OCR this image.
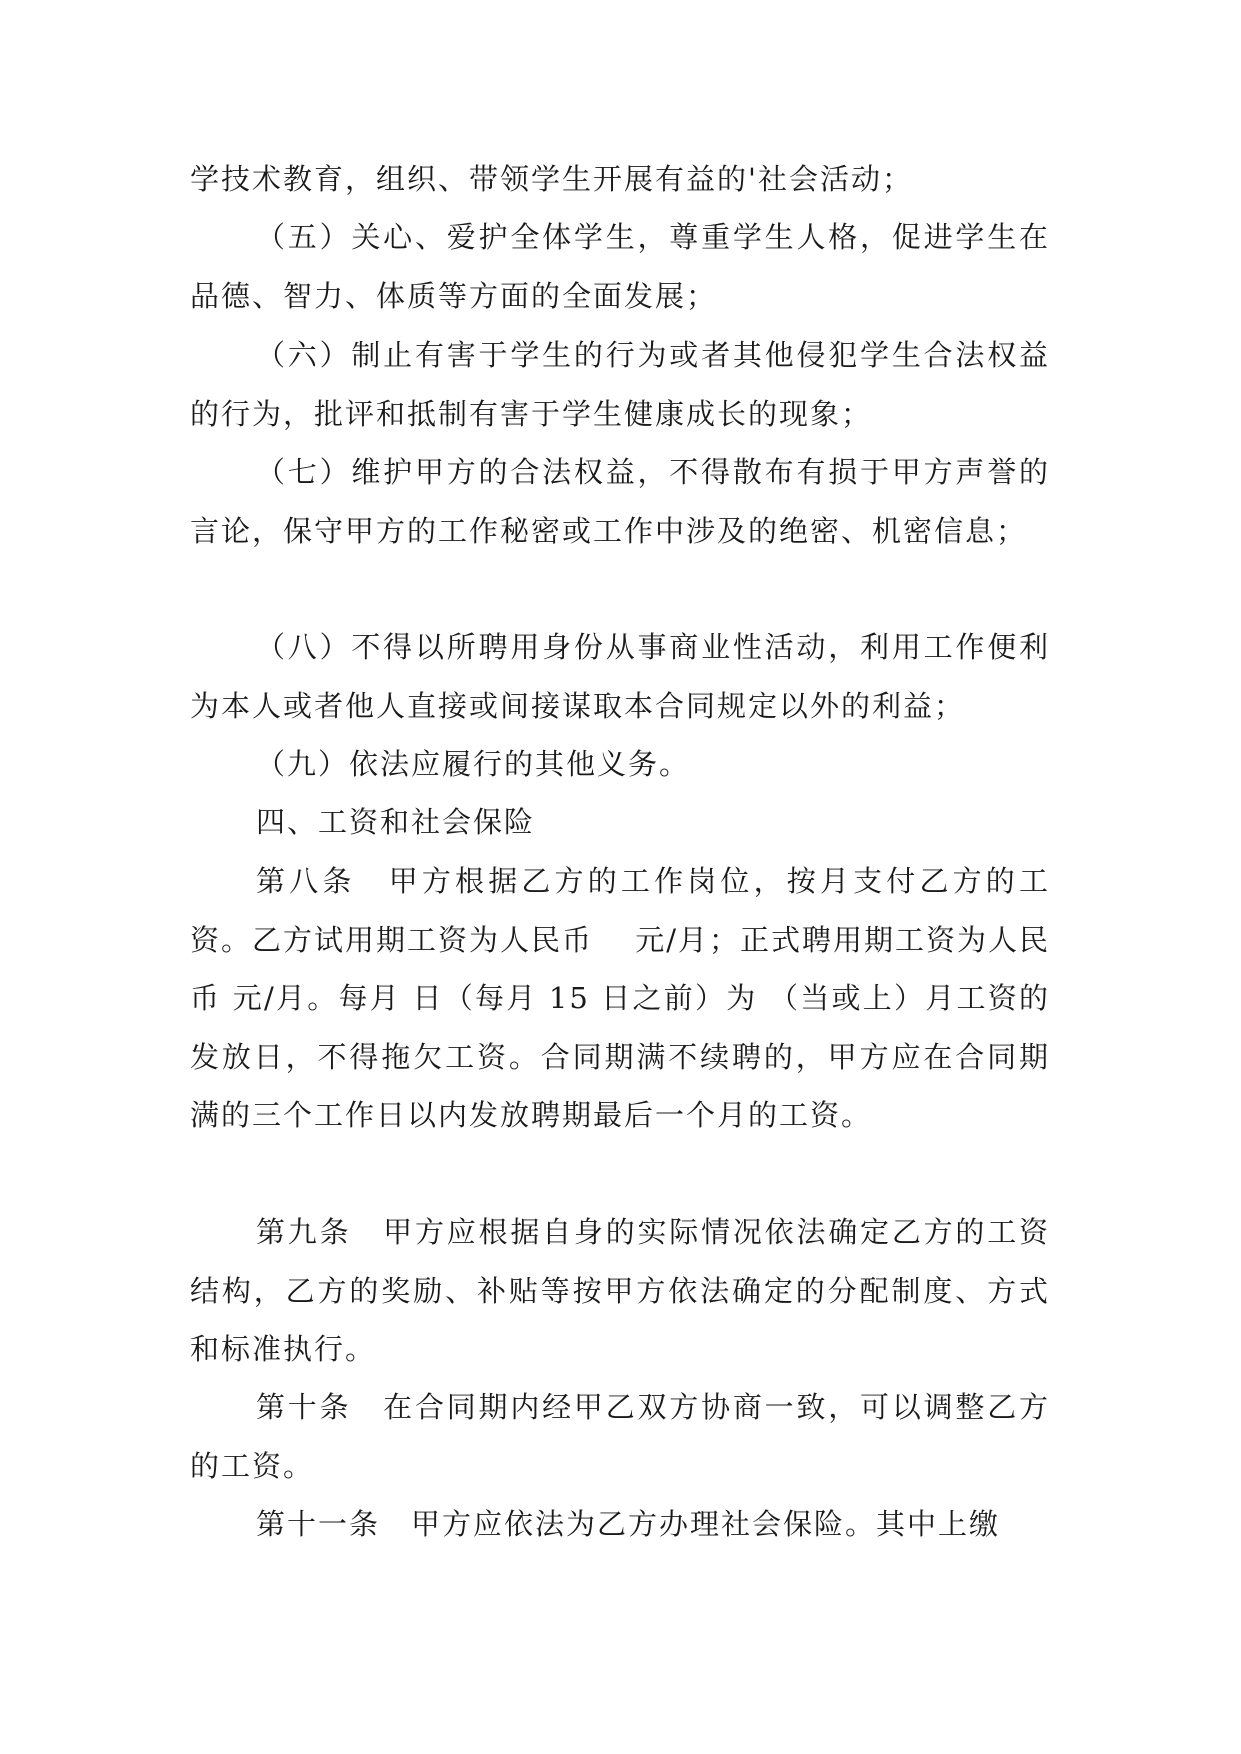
学技术教育，组织、带领学生开展有益的'社会活动；

（五）关心、爱护全体学生，尊重学生人格，促进学生在品德、智力、体质等方面的全面发展；

（六）制止有害于学生的行为或者其他侵犯学生合法权益的行为，批评和抵制有害于学生健康成长的现象；

（七）维护甲方的合法权益，不得散布有损于甲方声誉的言论，保守甲方的工作秘密或工作中涉及的绝密、机密信息；

（八）不得以所聘用身份从事商业性活动，利用工作便利为本人或者他人直接或间接谋取本合同规定以外的利益；

（九）依法应履行的其他义务。

四、工资和社会保险

第八条　甲方根据乙方的工作岗位，按月支付乙方的工资。乙方试用期工资为人民币　 元/月；正式聘用期工资为人民币 元/月。每月 日（每月 15 日之前）为 （当或上）月工资的发放日，不得拖欠工资。合同期满不续聘的，甲方应在合同期满的三个工作日以内发放聘期最后一个月的工资。

第九条　甲方应根据自身的实际情况依法确定乙方的工资结构，乙方的奖励、补贴等按甲方依法确定的分配制度、方式和标准执行。

第十条　在合同期内经甲乙双方协商一致，可以调整乙方的工资。

第十一条　甲方应依法为乙方办理社会保险。其中上缴
